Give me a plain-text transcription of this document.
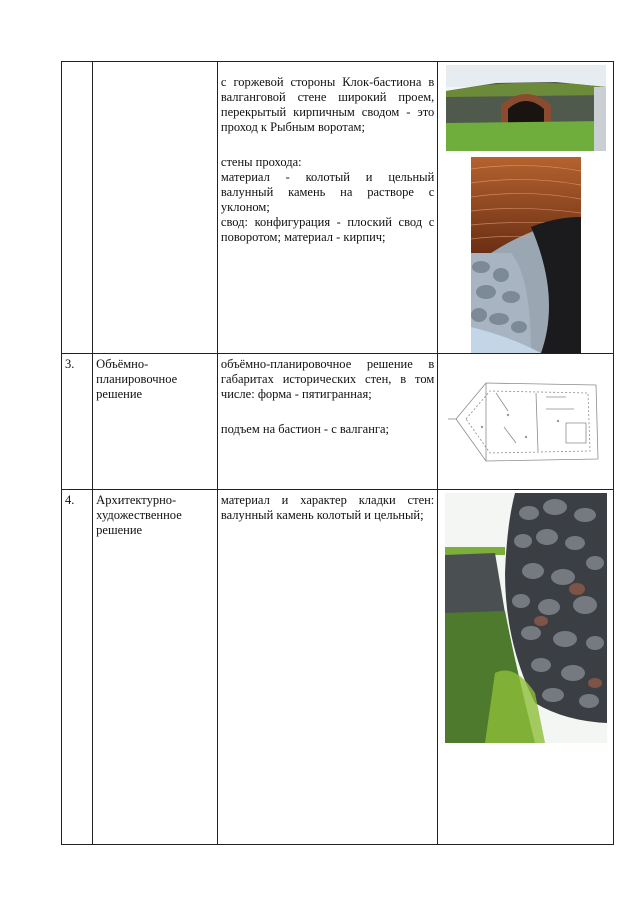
		с горжевой стороны Клок-бастиона в валганговой стене широкий проем, перекрытый кирпичным сводом - это проход к Рыбным воротам;
стены прохода:
материал - колотый и цельный валунный камень на растворе с уклоном;
свод: конфигурация - плоский свод с поворотом; материал - кирпич;

3.	Объёмно-планировочное решение	объёмно-планировочное решение в габаритах исторических стен, в том числе: форма - пятигранная;
подъем на бастион - с валганга;

4.	Архитектурно-художественное решение	материал и характер кладки стен: валунный камень колотый и цельный;
